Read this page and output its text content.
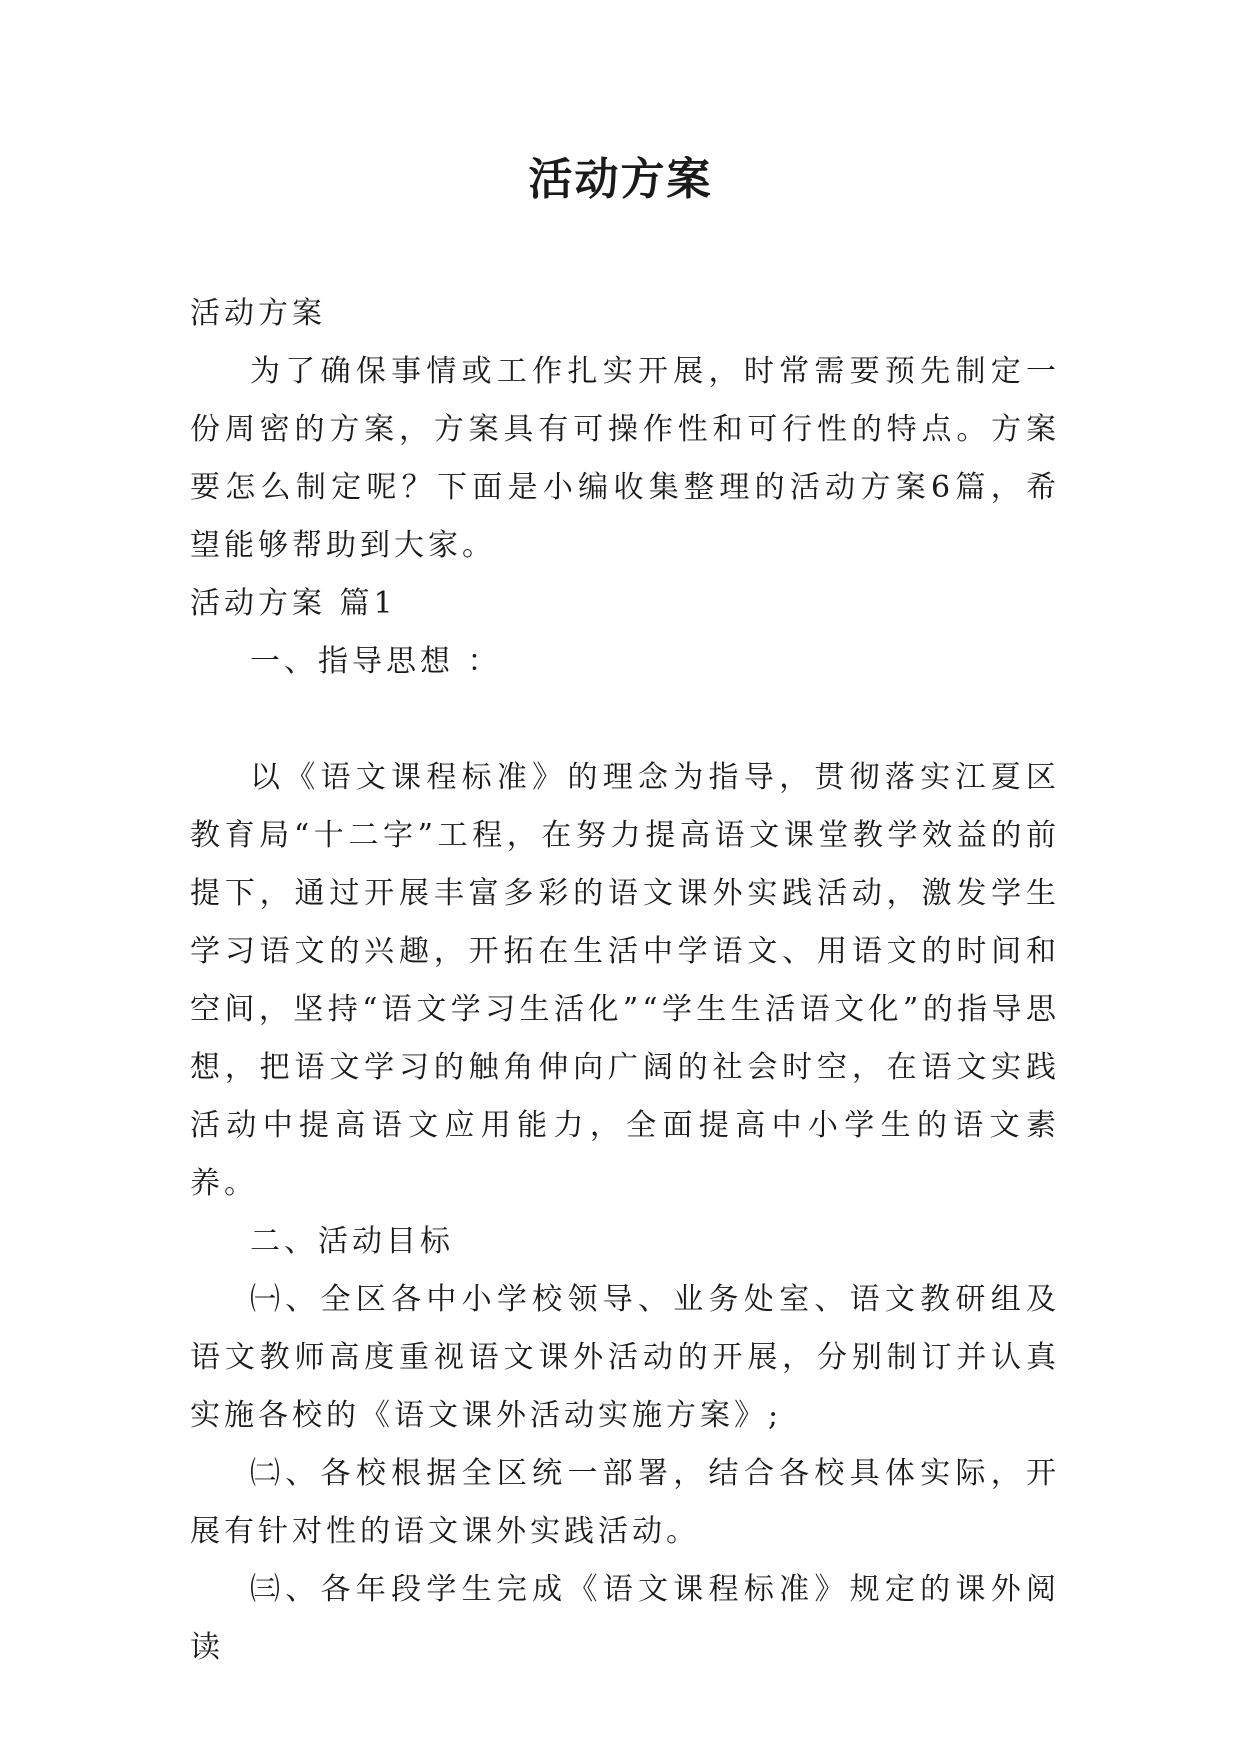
活动方案

活动方案

为了确保事情或工作扎实开展，时常需要预先制定一份周密的方案，方案具有可操作性和可行性的特点。方案要怎么制定呢？下面是小编收集整理的活动方案6篇，希望能够帮助到大家。

活动方案 篇1

一、指导思想 ：

以《语文课程标准》的理念为指导，贯彻落实江夏区教育局“十二字”工程，在努力提高语文课堂教学效益的前提下，通过开展丰富多彩的语文课外实践活动，激发学生学习语文的兴趣，开拓在生活中学语文、用语文的时间和空间，坚持“语文学习生活化”“学生生活语文化”的指导思想，把语文学习的触角伸向广阔的社会时空，在语文实践活动中提高语文应用能力，全面提高中小学生的语文素养。

二、活动目标

㈠、全区各中小学校领导、业务处室、语文教研组及语文教师高度重视语文课外活动的开展，分别制订并认真实施各校的《语文课外活动实施方案》;

㈡、各校根据全区统一部署，结合各校具体实际，开展有针对性的语文课外实践活动。

㈢、各年段学生完成《语文课程标准》规定的课外阅读
